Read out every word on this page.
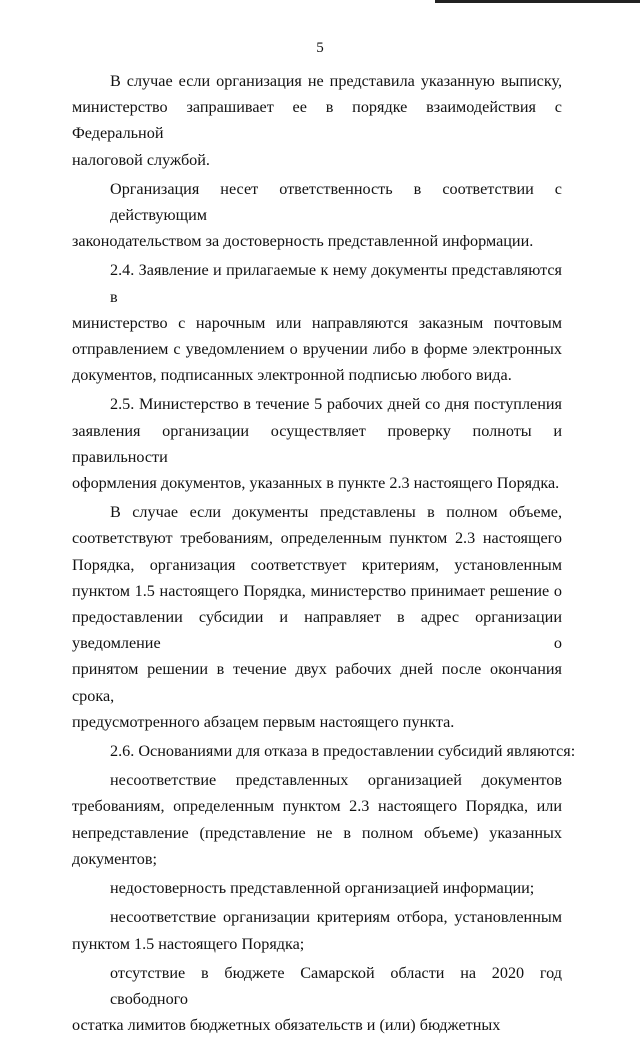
5

В случае если организация не представила указанную выписку,
министерство запрашивает ее в порядке взаимодействия с Федеральной
налоговой службой.

Организация несет ответственность в соответствии с действующим
законодательством за достоверность представленной информации.

2.4. Заявление и прилагаемые к нему документы представляются в
министерство с нарочным или направляются заказным почтовым
отправлением с уведомлением о вручении либо в форме электронных
документов, подписанных электронной подписью любого вида.

2.5. Министерство в течение 5 рабочих дней со дня поступления
заявления организации осуществляет проверку полноты и правильности
оформления документов, указанных в пункте 2.3 настоящего Порядка.

В случае если документы представлены в полном объеме,
соответствуют требованиям, определенным пунктом 2.3 настоящего
Порядка, организация соответствует критериям, установленным
пунктом 1.5 настоящего Порядка, министерство принимает решение о
предоставлении субсидии и направляет в адрес организации уведомление о
принятом решении в течение двух рабочих дней после окончания срока,
предусмотренного абзацем первым настоящего пункта.

2.6. Основаниями для отказа в предоставлении субсидий являются:

несоответствие представленных организацией документов
требованиям, определенным пунктом 2.3 настоящего Порядка, или
непредставление (представление не в полном объеме) указанных
документов;

недостоверность представленной организацией информации;

несоответствие организации критериям отбора, установленным
пунктом 1.5 настоящего Порядка;

отсутствие в бюджете Самарской области на 2020 год свободного
остатка лимитов бюджетных обязательств и (или) бюджетных
